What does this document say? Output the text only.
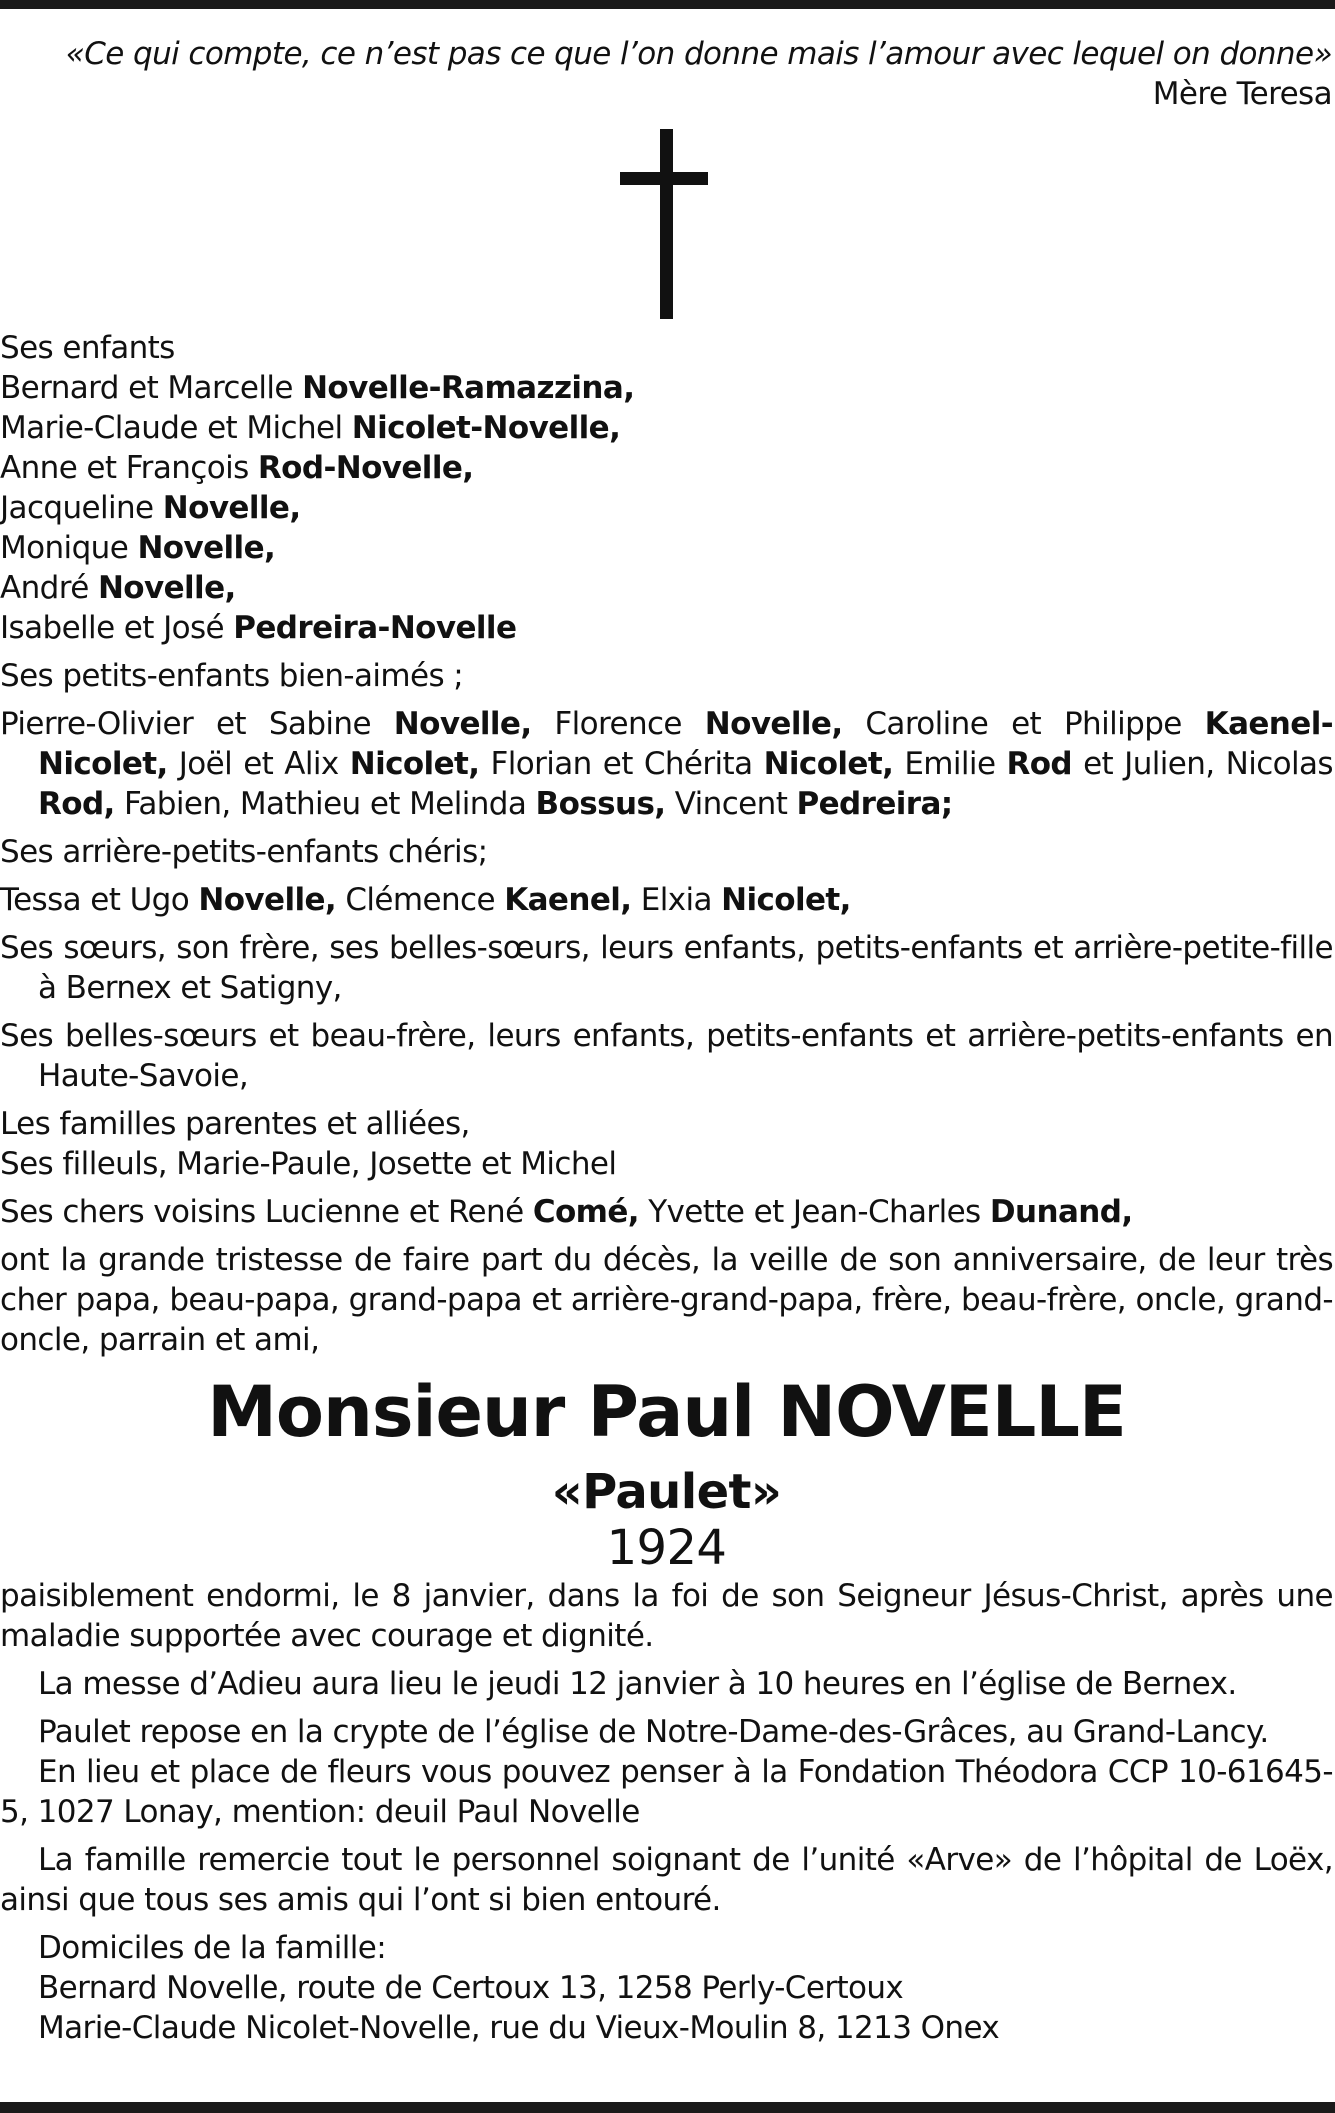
«Ce qui compte, ce n’est pas ce que l’on donne mais l’amour avec lequel on donne»
Mère Teresa

Ses enfants

Bernard et Marcelle Novelle-Ramazzina,

Marie-Claude et Michel Nicolet-Novelle,

Anne et François Rod-Novelle,

Jacqueline Novelle,

Monique Novelle,

André Novelle,

Isabelle et José Pedreira-Novelle

Ses petits-enfants bien-aimés ;

Pierre-Olivier et Sabine Novelle, Florence Novelle, Caroline et Philippe Kaenel-Nicolet, Joël et Alix Nicolet, Florian et Chérita Nicolet, Emilie Rod et Julien, Nicolas Rod, Fabien, Mathieu et Melinda Bossus, Vincent Pedreira;

Ses arrière-petits-enfants chéris;

Tessa et Ugo Novelle, Clémence Kaenel, Elxia Nicolet,

Ses sœurs, son frère, ses belles-sœurs, leurs enfants, petits-enfants et arrière-petite-fille à Bernex et Satigny,

Ses belles-sœurs et beau-frère, leurs enfants, petits-enfants et arrière-petits-enfants en Haute-Savoie,

Les familles parentes et alliées,

Ses filleuls, Marie-Paule, Josette et Michel

Ses chers voisins Lucienne et René Comé, Yvette et Jean-Charles Dunand,

ont la grande tristesse de faire part du décès, la veille de son anniversaire, de leur très cher papa, beau-papa, grand-papa et arrière-grand-papa, frère, beau-frère, oncle, grand-oncle, parrain et ami,

Monsieur Paul NOVELLE
«Paulet»
1924

paisiblement endormi, le 8 janvier, dans la foi de son Seigneur Jésus-Christ, après une maladie supportée avec courage et dignité.

La messe d’Adieu aura lieu le jeudi 12 janvier à 10 heures en l’église de Bernex.

Paulet repose en la crypte de l’église de Notre-Dame-des-Grâces, au Grand-Lancy.

En lieu et place de fleurs vous pouvez penser à la Fondation Théodora CCP 10-61645-5, 1027 Lonay, mention: deuil Paul Novelle

La famille remercie tout le personnel soignant de l’unité «Arve» de l’hôpital de Loëx, ainsi que tous ses amis qui l’ont si bien entouré.

Domiciles de la famille:

Bernard Novelle, route de Certoux 13, 1258 Perly-Certoux

Marie-Claude Nicolet-Novelle, rue du Vieux-Moulin 8, 1213 Onex
